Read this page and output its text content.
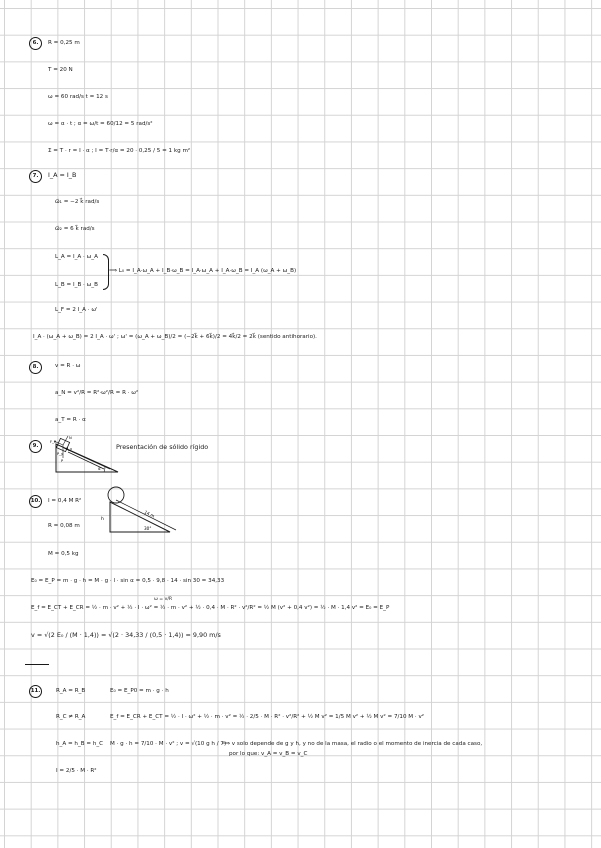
6.	R = 0,25 m
T = 20 N
ω = 60 rad/s t = 12 s
ω = α · t ; α = ω/t = 60/12 = 5 rad/s²
Σ = T · r = I · α ; I = T·r/α = 20 · 0,25 / 5 = 1 kg m²
7.	I_A = I_B
ω⃗₁ = −2 k⃗ rad/s
ω⃗₂ = 6 k⃗ rad/s
L_A = I_A · ω_A
L_B = I_B · ω_B
⟹ L₀ = I_A·ω_A + I_B·ω_B = I_A·ω_A + I_A·ω_B = I_A (ω_A + ω_B)
L_F = 2 I_A · ω'
I_A · (ω_A + ω_B) = 2 I_A · ω' ; ω' = (ω_A + ω_B)/2 = (−2k⃗ + 6k⃗)/2 = 4k⃗/2 = 2k⃗ (sentido antihorario).
8.	v = R · ω
a_N = v²/R = R²·ω²/R = R · ω²
a_T = R · α
9.
N
F_R
P_x
P_y
P
α
Presentación de sólido rígido
10.	I = 0,4 M R²
R = 0,08 m
M = 0,5 kg
h
14 m
30°
E₀ = E_P = m · g · h = M · g · l · sin α = 0,5 · 9,8 · 14 · sin 30 = 34,33
ω = v/R
E_f = E_CT + E_CR = ½ · m · v² + ½ · I · ω² = ½ · m · v² + ½ · 0,4 · M · R² · v²/R² = ½ M (v² + 0,4 v²) = ½ · M · 1,4 v² = E₀ = E_P
v = √(2 E₀ / (M · 1,4)) = √(2 · 34,33 / (0,5 · 1,4)) = 9,90 m/s
11.	R_A = R_B	E₀ = E_P0 = m · g · h
R_C ≠ R_A	E_f = E_CR + E_CT = ½ · I · ω² + ½ · m · v² = ½ · 2/5 · M · R² · v²/R² + ½ M v² = 1/5 M v² + ½ M v² = 7/10 M · v²
h_A = h_B = h_C M · g · h = 7/10 · M · v² ; v = √(10 g h / 7)
⟹ v solo depende de g y h, y no de la masa, el radio o el momento de inercia de cada caso,
por lo que: v_A = v_B = v_C
I = 2/5 · M · R²
